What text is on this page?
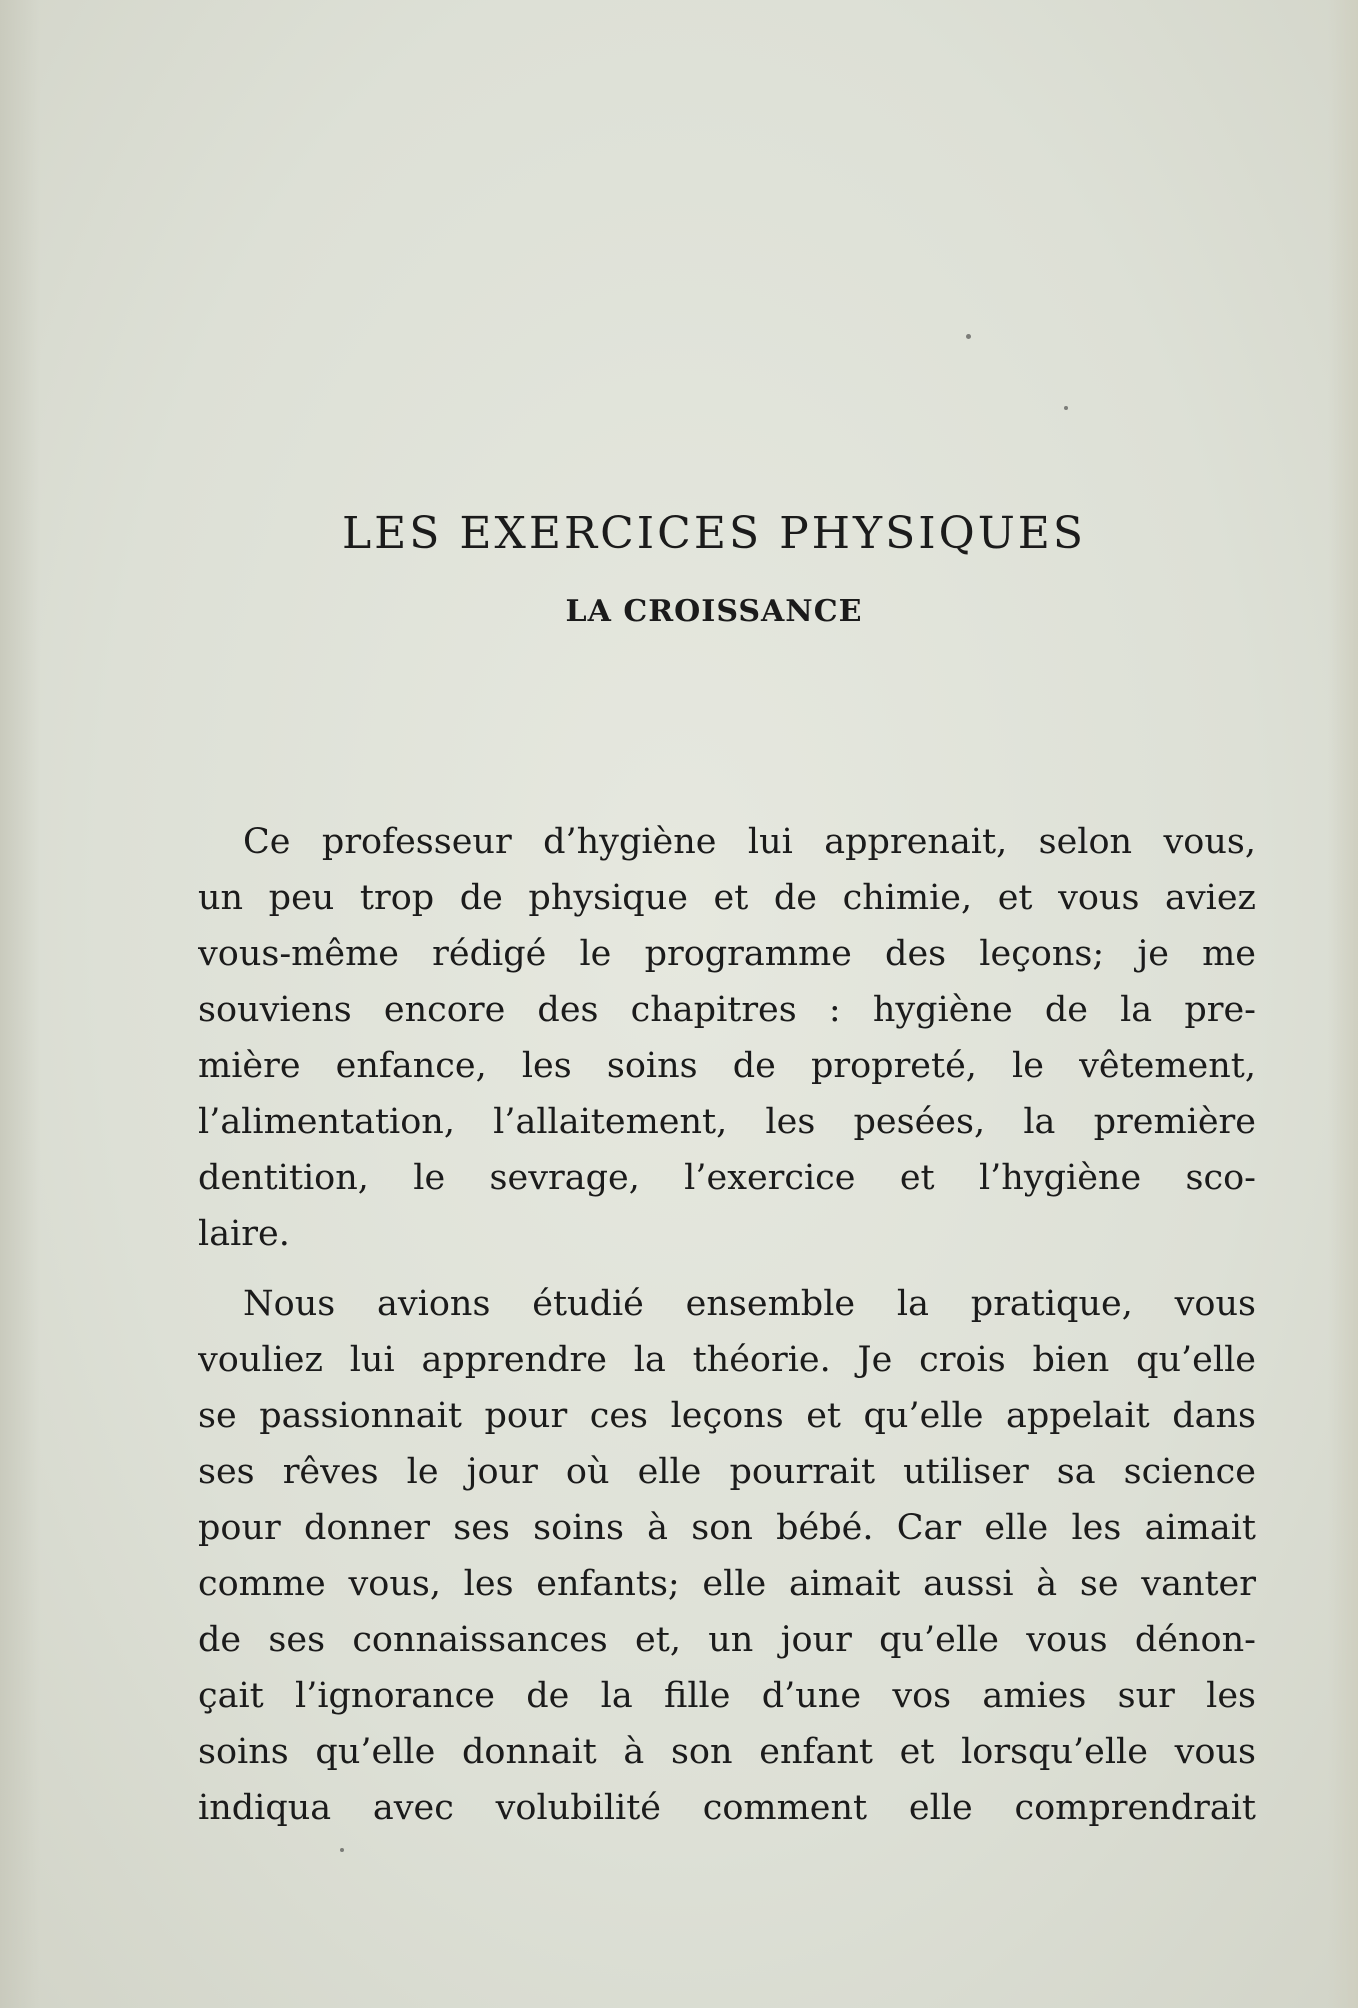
LES EXERCICES PHYSIQUES
LA CROISSANCE
Ce professeur d’hygiène lui apprenait, selon vous,
un peu trop de physique et de chimie, et vous aviez
vous-même rédigé le programme des leçons; je me
souviens encore des chapitres : hygiène de la pre-
mière enfance, les soins de propreté, le vêtement,
l’alimentation, l’allaitement, les pesées, la première
dentition, le sevrage, l’exercice et l’hygiène sco-
laire.
Nous avions étudié ensemble la pratique, vous
vouliez lui apprendre la théorie. Je crois bien qu’elle
se passionnait pour ces leçons et qu’elle appelait dans
ses rêves le jour où elle pourrait utiliser sa science
pour donner ses soins à son bébé. Car elle les aimait
comme vous, les enfants; elle aimait aussi à se vanter
de ses connaissances et, un jour qu’elle vous dénon-
çait l’ignorance de la fille d’une vos amies sur les
soins qu’elle donnait à son enfant et lorsqu’elle vous
indiqua avec volubilité comment elle comprendrait
